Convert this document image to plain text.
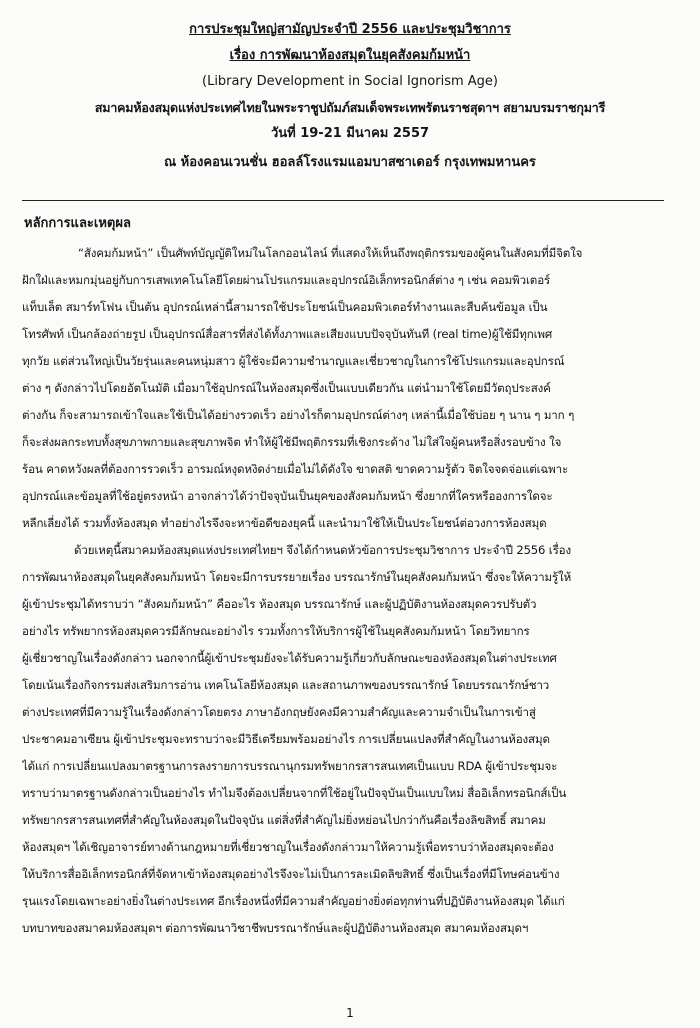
การประชุมใหญ่สามัญประจำปี 2556 และประชุมวิชาการ
เรื่อง การพัฒนาห้องสมุดในยุคสังคมก้มหน้า
(Library Development in Social Ignorism Age)
สมาคมห้องสมุดแห่งประเทศไทยในพระราชูปถัมภ์สมเด็จพระเทพรัตนราชสุดาฯ สยามบรมราชกุมารี
วันที่ 19-21 มีนาคม 2557
ณ ห้องคอนเวนชั่น ฮอลล์โรงแรมแอมบาสซาเดอร์ กรุงเทพมหานคร
หลักการและเหตุผล
“สังคมก้มหน้า” เป็นศัพท์บัญญัติใหม่ในโลกออนไลน์ ที่แสดงให้เห็นถึงพฤติกรรมของผู้คนในสังคมที่มีจิตใจ
ฝักใฝ่และหมกมุ่นอยู่กับการเสพเทคโนโลยีโดยผ่านโปรแกรมและอุปกรณ์อิเล็กทรอนิกส์ต่าง ๆ เช่น คอมพิวเตอร์
แท็บเล็ต สมาร์ทโฟน เป็นต้น อุปกรณ์เหล่านี้สามารถใช้ประโยชน์เป็นคอมพิวเตอร์ทำงานและสืบค้นข้อมูล เป็น
โทรศัพท์ เป็นกล้องถ่ายรูป เป็นอุปกรณ์สื่อสารที่ส่งได้ทั้งภาพและเสียงแบบปัจจุบันทันที (real time)ผู้ใช้มีทุกเพศ
ทุกวัย แต่ส่วนใหญ่เป็นวัยรุ่นและคนหนุ่มสาว ผู้ใช้จะมีความชำนาญและเชี่ยวชาญในการใช้โปรแกรมและอุปกรณ์
ต่าง ๆ ดังกล่าวไปโดยอัตโนมัติ เมื่อมาใช้อุปกรณ์ในห้องสมุดซึ่งเป็นแบบเดียวกัน แต่นำมาใช้โดยมีวัตถุประสงค์
ต่างกัน ก็จะสามารถเข้าใจและใช้เป็นได้อย่างรวดเร็ว อย่างไรก็ตามอุปกรณ์ต่างๆ เหล่านี้เมื่อใช้บ่อย ๆ นาน ๆ มาก ๆ
ก็จะส่งผลกระทบทั้งสุขภาพกายและสุขภาพจิต ทำให้ผู้ใช้มีพฤติกรรมที่เชิงกระด้าง ไม่ใส่ใจผู้คนหรือสิ่งรอบข้าง ใจ
ร้อน คาดหวังผลที่ต้องการรวดเร็ว อารมณ์หงุดหงิดง่ายเมื่อไม่ได้ดังใจ ขาดสติ ขาดความรู้ตัว จิตใจจดจ่อแต่เฉพาะ
อุปกรณ์และข้อมูลที่ใช้อยู่ตรงหน้า อาจกล่าวได้ว่าปัจจุบันเป็นยุคของสังคมก้มหน้า ซึ่งยากที่ใครหรือองการใดจะ
หลีกเลี่ยงได้ รวมทั้งห้องสมุด ทำอย่างไรจึงจะหาข้อดีของยุคนี้ และนำมาใช้ให้เป็นประโยชน์ต่อวงการห้องสมุด
ด้วยเหตุนี้สมาคมห้องสมุดแห่งประเทศไทยฯ จึงได้กำหนดหัวข้อการประชุมวิชาการ ประจำปี 2556 เรื่อง
การพัฒนาห้องสมุดในยุคสังคมก้มหน้า โดยจะมีการบรรยายเรื่อง บรรณารักษ์ในยุคสังคมก้มหน้า ซึ่งจะให้ความรู้ให้
ผู้เข้าประชุมได้ทราบว่า “สังคมก้มหน้า” คืออะไร ห้องสมุด บรรณารักษ์ และผู้ปฏิบัติงานห้องสมุดควรปรับตัว
อย่างไร ทรัพยากรห้องสมุดควรมีลักษณะอย่างไร รวมทั้งการให้บริการผู้ใช้ในยุคสังคมก้มหน้า โดยวิทยากร
ผู้เชี่ยวชาญในเรื่องดังกล่าว นอกจากนี้ผู้เข้าประชุมยังจะได้รับความรู้เกี่ยวกับลักษณะของห้องสมุดในต่างประเทศ
โดยเน้นเรื่องกิจกรรมส่งเสริมการอ่าน เทคโนโลยีห้องสมุด และสถานภาพของบรรณารักษ์ โดยบรรณารักษ์ชาว
ต่างประเทศที่มีความรู้ในเรื่องดังกล่าวโดยตรง ภาษาอังกฤษยังคงมีความสำคัญและความจำเป็นในการเข้าสู่
ประชาคมอาเซียน ผู้เข้าประชุมจะทราบว่าจะมีวิธีเตรียมพร้อมอย่างไร การเปลี่ยนแปลงที่สำคัญในงานห้องสมุด
ได้แก่ การเปลี่ยนแปลงมาตรฐานการลงรายการบรรณานุกรมทรัพยากรสารสนเทศเป็นแบบ RDA ผู้เข้าประชุมจะ
ทราบว่ามาตรฐานดังกล่าวเป็นอย่างไร ทำไมจึงต้องเปลี่ยนจากที่ใช้อยู่ในปัจจุบันเป็นแบบใหม่ สื่ออิเล็กทรอนิกส์เป็น
ทรัพยากรสารสนเทศที่สำคัญในห้องสมุดในปัจจุบัน แต่สิ่งที่สำคัญไม่ยิ่งหย่อนไปกว่ากันคือเรื่องลิขสิทธิ์ สมาคม
ห้องสมุดฯ ได้เชิญอาจารย์ทางด้านกฎหมายที่เชี่ยวชาญในเรื่องดังกล่าวมาให้ความรู้เพื่อทราบว่าห้องสมุดจะต้อง
ให้บริการสื่ออิเล็กทรอนิกส์ที่จัดหาเข้าห้องสมุดอย่างไรจึงจะไม่เป็นการละเมิดลิขสิทธิ์ ซึ่งเป็นเรื่องที่มีโทษค่อนข้าง
รุนแรงโดยเฉพาะอย่างยิ่งในต่างประเทศ อีกเรื่องหนึ่งที่มีความสำคัญอย่างยิ่งต่อทุกท่านที่ปฏิบัติงานห้องสมุด ได้แก่
บทบาทของสมาคมห้องสมุดฯ ต่อการพัฒนาวิชาชีพบรรณารักษ์และผู้ปฏิบัติงานห้องสมุด สมาคมห้องสมุดฯ
1
